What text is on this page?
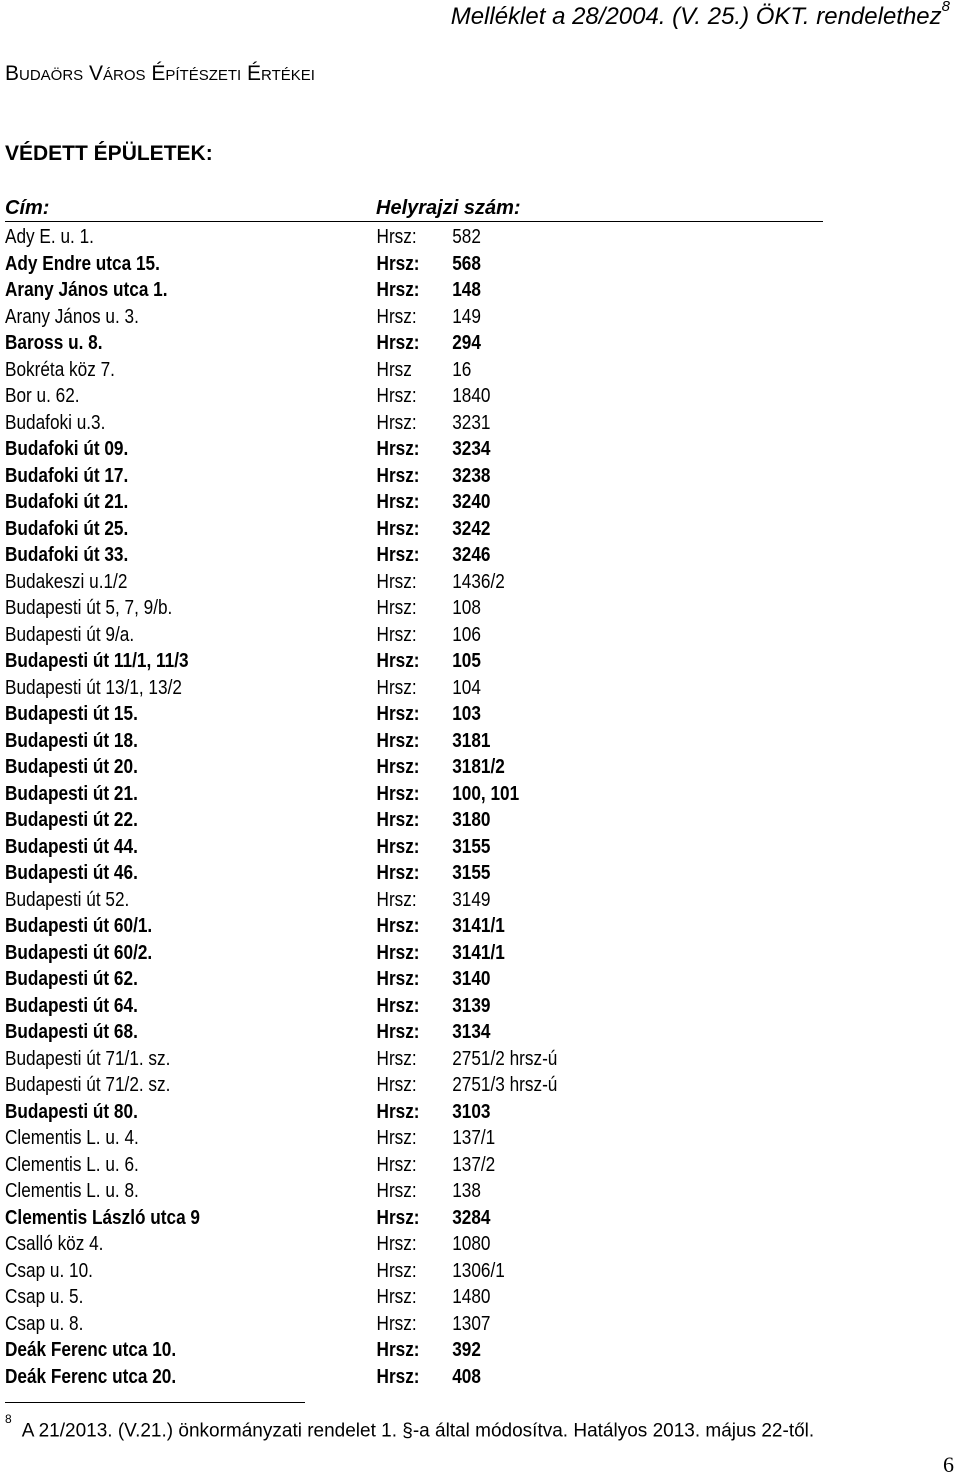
Melléklet a 28/2004. (V. 25.) ÖKT. rendelethez$^8$
Budaörs Város Építészeti Értékei
VÉDETT ÉPÜLETEK:
Cím:	Helyrajzi szám:
Ady E. u. 1.	Hrsz: 582
Ady Endre utca 15.	Hrsz: 568
Arany János utca 1.	Hrsz: 148
Arany János u. 3.	Hrsz: 149
Baross u. 8.	Hrsz: 294
Bokréta köz 7.	Hrsz 16
Bor u. 62.	Hrsz: 1840
Budafoki u.3.	Hrsz: 3231
Budafoki út 09.	Hrsz: 3234
Budafoki út 17.	Hrsz: 3238
Budafoki út 21.	Hrsz: 3240
Budafoki út 25.	Hrsz: 3242
Budafoki út 33.	Hrsz: 3246
Budakeszi u.1/2	Hrsz: 1436/2
Budapesti út 5, 7, 9/b.	Hrsz: 108
Budapesti út 9/a.	Hrsz: 106
Budapesti út 11/1, 11/3	Hrsz: 105
Budapesti út 13/1, 13/2	Hrsz: 104
Budapesti út 15.	Hrsz: 103
Budapesti út 18.	Hrsz: 3181
Budapesti út 20.	Hrsz: 3181/2
Budapesti út 21.	Hrsz: 100, 101
Budapesti út 22.	Hrsz: 3180
Budapesti út 44.	Hrsz: 3155
Budapesti út 46.	Hrsz: 3155
Budapesti út 52.	Hrsz: 3149
Budapesti út 60/1.	Hrsz: 3141/1
Budapesti út 60/2.	Hrsz: 3141/1
Budapesti út 62.	Hrsz: 3140
Budapesti út 64.	Hrsz: 3139
Budapesti út 68.	Hrsz: 3134
Budapesti út 71/1. sz.	Hrsz: 2751/2 hrsz-ú
Budapesti út 71/2. sz.	Hrsz: 2751/3 hrsz-ú
Budapesti út 80.	Hrsz: 3103
Clementis L. u. 4.	Hrsz: 137/1
Clementis L. u. 6.	Hrsz: 137/2
Clementis L. u. 8.	Hrsz: 138
Clementis László utca 9	Hrsz: 3284
Csalló köz 4.	Hrsz: 1080
Csap u. 10.	Hrsz: 1306/1
Csap u. 5.	Hrsz: 1480
Csap u. 8.	Hrsz: 1307
Deák Ferenc utca 10.	Hrsz: 392
Deák Ferenc utca 20.	Hrsz: 408
$^8$A 21/2013. (V.21.) önkormányzati rendelet 1. §-a által módosítva. Hatályos 2013. május 22-től.
6
